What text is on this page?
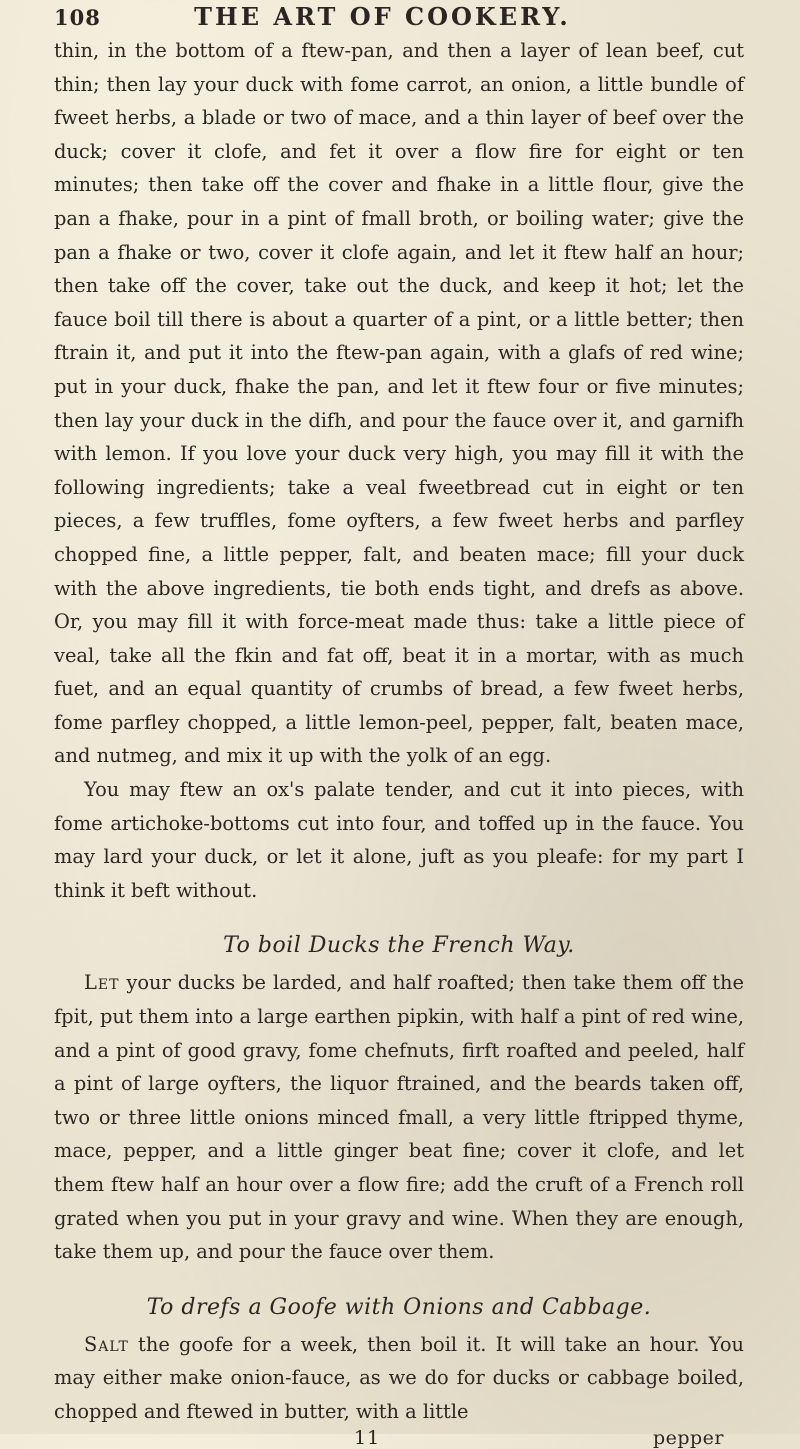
108	THE ART OF COOKERY.

thin, in the bottom of a ftew-pan, and then a layer of lean beef, cut thin; then lay your duck with fome carrot, an onion, a little bundle of fweet herbs, a blade or two of mace, and a thin layer of beef over the duck; cover it clofe, and fet it over a flow fire for eight or ten minutes; then take off the cover and fhake in a little flour, give the pan a fhake, pour in a pint of fmall broth, or boiling water; give the pan a fhake or two, cover it clofe again, and let it ftew half an hour; then take off the cover, take out the duck, and keep it hot; let the fauce boil till there is about a quarter of a pint, or a little better; then ftrain it, and put it into the ftew-pan again, with a glafs of red wine; put in your duck, fhake the pan, and let it ftew four or five minutes; then lay your duck in the difh, and pour the fauce over it, and garnifh with lemon. If you love your duck very high, you may fill it with the following ingredients; take a veal fweetbread cut in eight or ten pieces, a few truffles, fome oyfters, a few fweet herbs and parfley chopped fine, a little pepper, falt, and beaten mace; fill your duck with the above ingredients, tie both ends tight, and drefs as above. Or, you may fill it with force-meat made thus: take a little piece of veal, take all the fkin and fat off, beat it in a mortar, with as much fuet, and an equal quantity of crumbs of bread, a few fweet herbs, fome parfley chopped, a little lemon-peel, pepper, falt, beaten mace, and nutmeg, and mix it up with the yolk of an egg.

You may ftew an ox's palate tender, and cut it into pieces, with fome artichoke-bottoms cut into four, and toffed up in the fauce. You may lard your duck, or let it alone, juft as you pleafe: for my part I think it beft without.

To boil Ducks the French Way.

Let your ducks be larded, and half roafted; then take them off the fpit, put them into a large earthen pipkin, with half a pint of red wine, and a pint of good gravy, fome chefnuts, firft roafted and peeled, half a pint of large oyfters, the liquor ftrained, and the beards taken off, two or three little onions minced fmall, a very little ftripped thyme, mace, pepper, and a little ginger beat fine; cover it clofe, and let them ftew half an hour over a flow fire; add the cruft of a French roll grated when you put in your gravy and wine. When they are enough, take them up, and pour the fauce over them.

To drefs a Goofe with Onions and Cabbage.

Salt the goofe for a week, then boil it. It will take an hour. You may either make onion-fauce, as we do for ducks or cabbage boiled, chopped and ftewed in butter, with a little

11	pepper
